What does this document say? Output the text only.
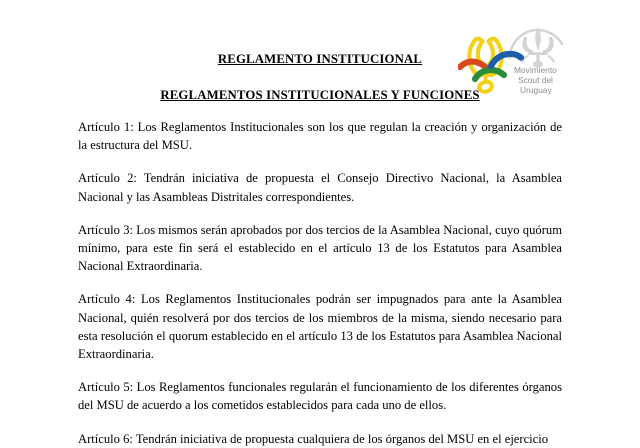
Movimiento
Scout del
Uruguay
REGLAMENTO INSTITUCIONAL
REGLAMENTOS INSTITUCIONALES Y FUNCIONES

Artículo 1: Los Reglamentos Institucionales son los que regulan la creación y organización de la estructura del MSU.

Artículo 2: Tendrán iniciativa de propuesta el Consejo Directivo Nacional, la Asamblea Nacional y las Asambleas Distritales correspondientes.

Artículo 3: Los mismos serán aprobados por dos tercios de la Asamblea Nacional, cuyo quórum mínimo, para este fin será el establecido en el artículo 13 de los Estatutos para Asamblea Nacional Extraordinaria.

Artículo 4: Los Reglamentos Institucionales podrán ser impugnados para ante la Asamblea Nacional, quién resolverá por dos tercios de los miembros de la misma, siendo necesario para esta resolución el quorum establecido en el artículo 13 de los Estatutos para Asamblea Nacional Extraordinaria.

Artículo 5: Los Reglamentos funcionales regularán el funcionamiento de los diferentes órganos del MSU de acuerdo a los cometidos establecidos para cada uno de ellos.

Artículo 6: Tendrán iniciativa de propuesta cualquiera de los órganos del MSU en el ejercicio
